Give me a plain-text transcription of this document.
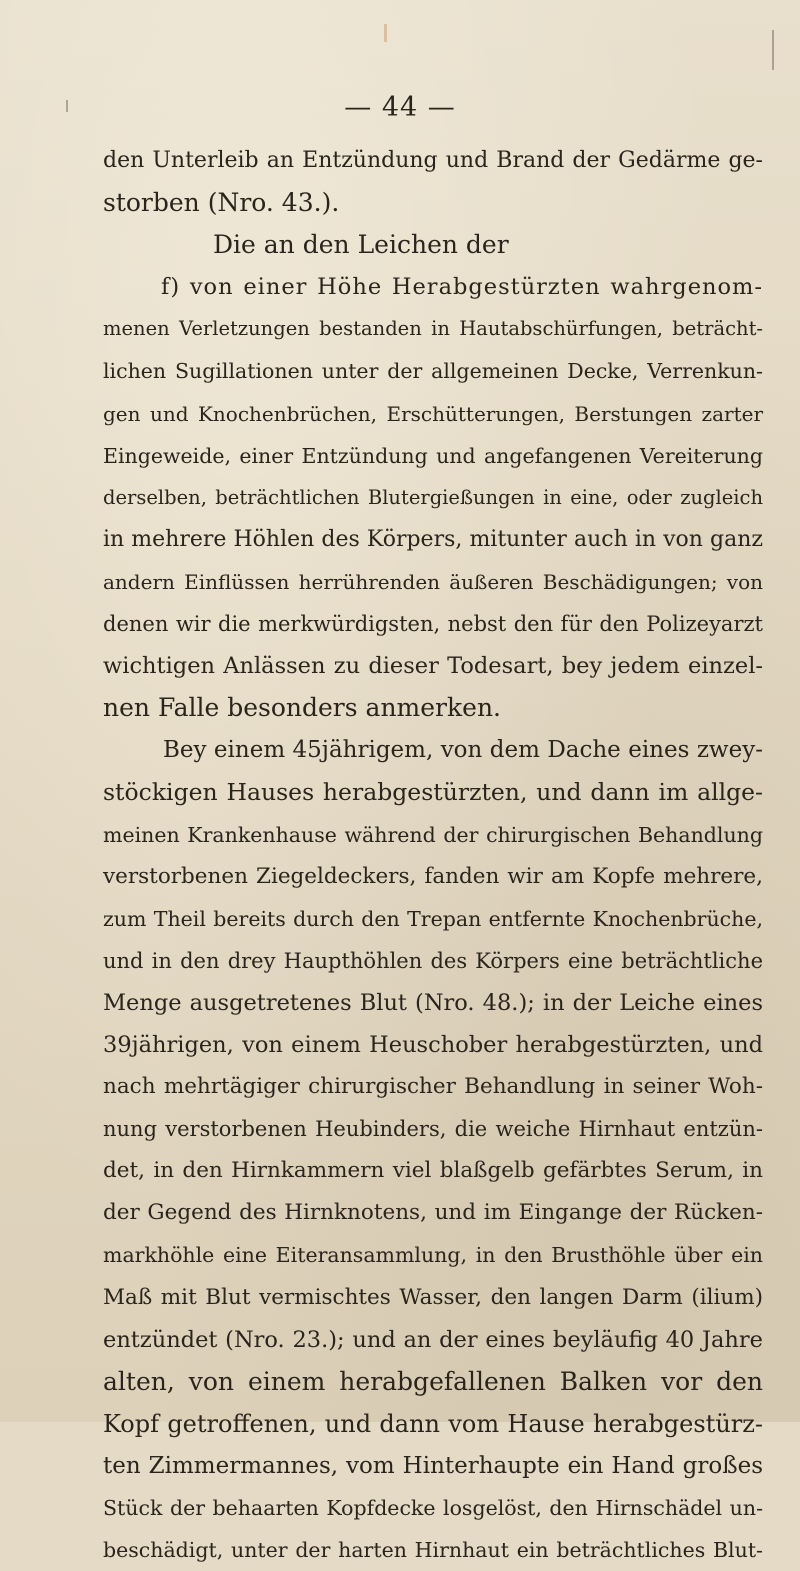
— 44 —
den Unterleib an Entzündung und Brand der Gedärme ge-
storben (Nro. 43.).
Die an den Leichen der
f) von einer Höhe Herabgestürzten wahrgenom-
menen Verletzungen bestanden in Hautabschürfungen, beträcht-
lichen Sugillationen unter der allgemeinen Decke, Verrenkun-
gen und Knochenbrüchen, Erschütterungen, Berstungen zarter
Eingeweide, einer Entzündung und angefangenen Vereiterung
derselben, beträchtlichen Blutergießungen in eine, oder zugleich
in mehrere Höhlen des Körpers, mitunter auch in von ganz
andern Einflüssen herrührenden äußeren Beschädigungen; von
denen wir die merkwürdigsten, nebst den für den Polizeyarzt
wichtigen Anlässen zu dieser Todesart, bey jedem einzel-
nen Falle besonders anmerken.
Bey einem 45jährigem, von dem Dache eines zwey-
stöckigen Hauses herabgestürzten, und dann im allge-
meinen Krankenhause während der chirurgischen Behandlung
verstorbenen Ziegeldeckers, fanden wir am Kopfe mehrere,
zum Theil bereits durch den Trepan entfernte Knochenbrüche,
und in den drey Haupthöhlen des Körpers eine beträchtliche
Menge ausgetretenes Blut (Nro. 48.); in der Leiche eines
39jährigen, von einem Heuschober herabgestürzten, und
nach mehrtägiger chirurgischer Behandlung in seiner Woh-
nung verstorbenen Heubinders, die weiche Hirnhaut entzün-
det, in den Hirnkammern viel blaßgelb gefärbtes Serum, in
der Gegend des Hirnknotens, und im Eingange der Rücken-
markhöhle eine Eiteransammlung, in den Brusthöhle über ein
Maß mit Blut vermischtes Wasser, den langen Darm (ilium)
entzündet (Nro. 23.); und an der eines beyläufig 40 Jahre
alten, von einem herabgefallenen Balken vor den
Kopf getroffenen, und dann vom Hause herabgestürz-
ten Zimmermannes, vom Hinterhaupte ein Hand großes
Stück der behaarten Kopfdecke losgelöst, den Hirnschädel un-
beschädigt, unter der harten Hirnhaut ein beträchtliches Blut-
